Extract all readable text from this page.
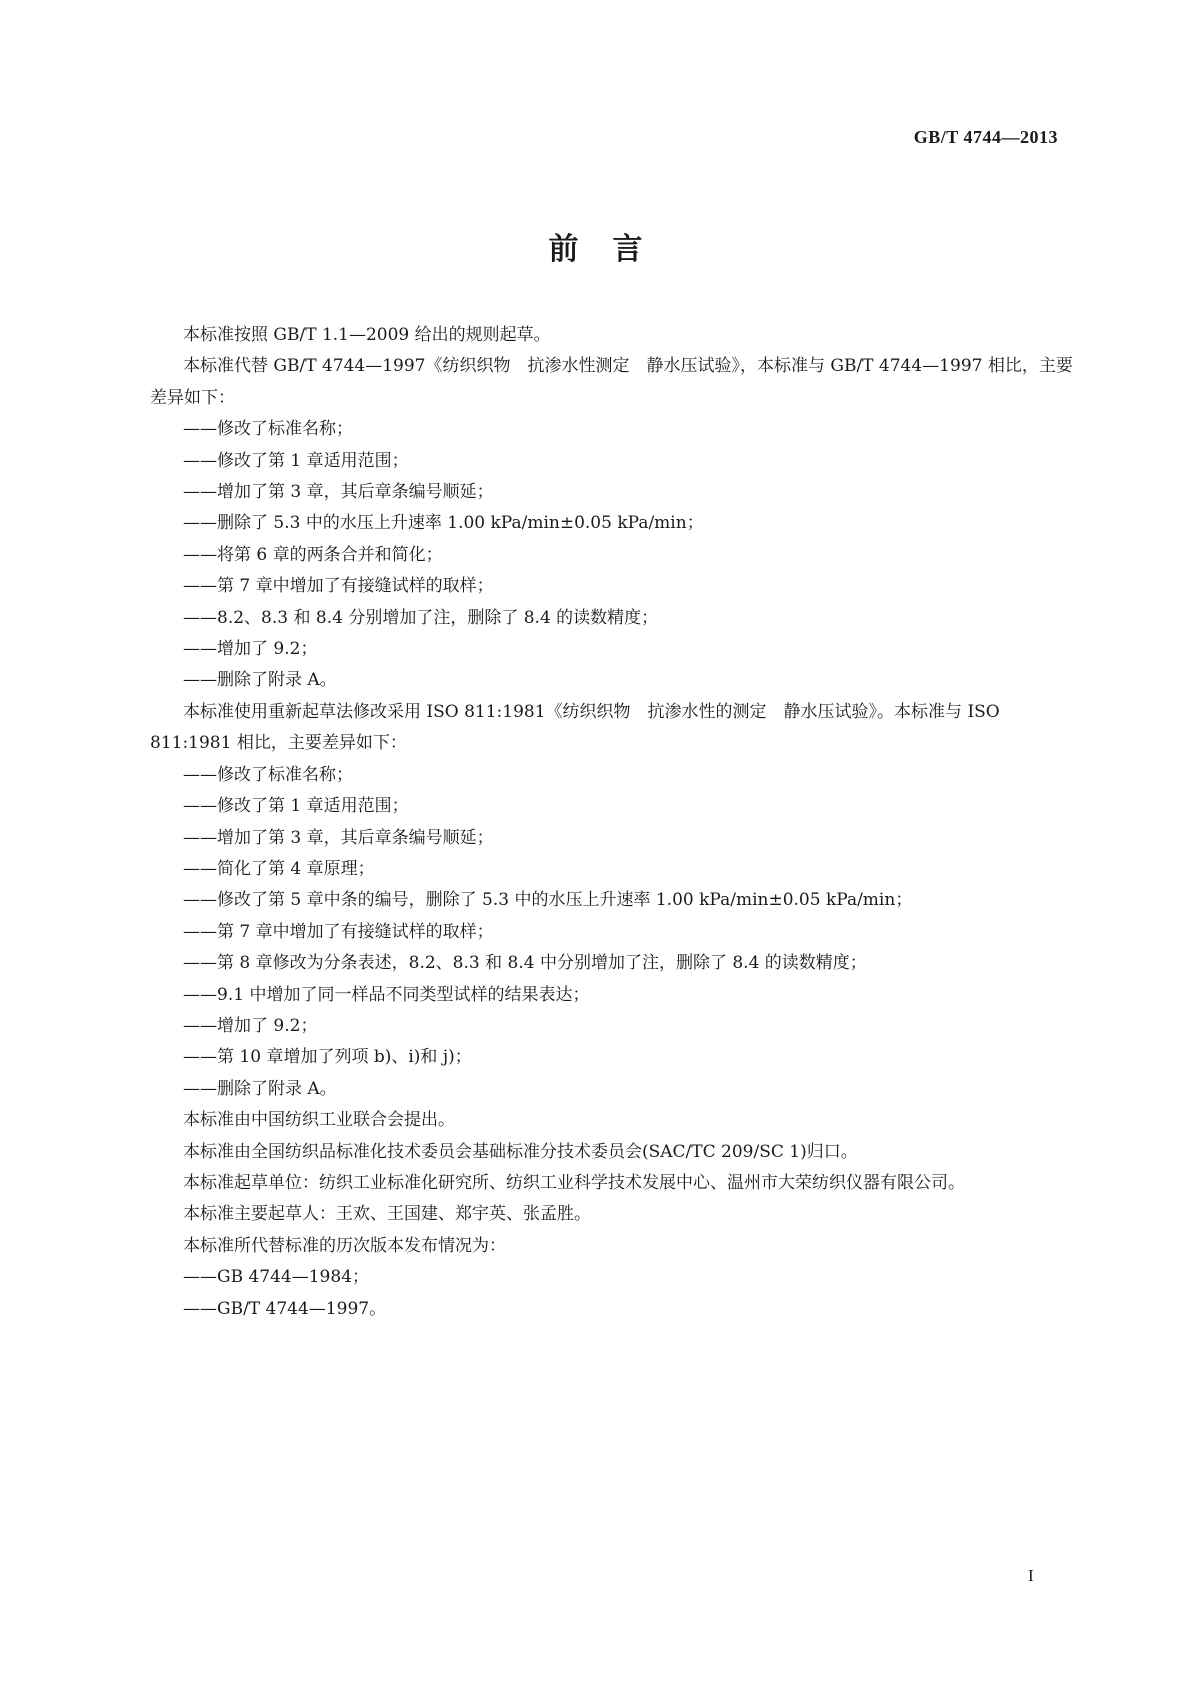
GB/T 4744—2013
前言

本标准按照 GB/T 1.1—2009 给出的规则起草。

本标准代替 GB/T 4744—1997《纺织织物　抗渗水性测定　静水压试验》，本标准与 GB/T 4744—1997 相比，主要差异如下：

——修改了标准名称；

——修改了第 1 章适用范围；

——增加了第 3 章，其后章条编号顺延；

——删除了 5.3 中的水压上升速率 1.00 kPa/min±0.05 kPa/min；

——将第 6 章的两条合并和简化；

——第 7 章中增加了有接缝试样的取样；

——8.2、8.3 和 8.4 分别增加了注，删除了 8.4 的读数精度；

——增加了 9.2；

——删除了附录 A。

本标准使用重新起草法修改采用 ISO 811:1981《纺织织物　抗渗水性的测定　静水压试验》。本标准与 ISO 811:1981 相比，主要差异如下：

——修改了标准名称；

——修改了第 1 章适用范围；

——增加了第 3 章，其后章条编号顺延；

——简化了第 4 章原理；

——修改了第 5 章中条的编号，删除了 5.3 中的水压上升速率 1.00 kPa/min±0.05 kPa/min；

——第 7 章中增加了有接缝试样的取样；

——第 8 章修改为分条表述，8.2、8.3 和 8.4 中分别增加了注，删除了 8.4 的读数精度；

——9.1 中增加了同一样品不同类型试样的结果表达；

——增加了 9.2；

——第 10 章增加了列项 b)、i)和 j)；

——删除了附录 A。

本标准由中国纺织工业联合会提出。

本标准由全国纺织品标准化技术委员会基础标准分技术委员会(SAC/TC 209/SC 1)归口。

本标准起草单位：纺织工业标准化研究所、纺织工业科学技术发展中心、温州市大荣纺织仪器有限公司。

本标准主要起草人：王欢、王国建、郑宇英、张孟胜。

本标准所代替标准的历次版本发布情况为：

——GB 4744—1984；

——GB/T 4744—1997。

I
